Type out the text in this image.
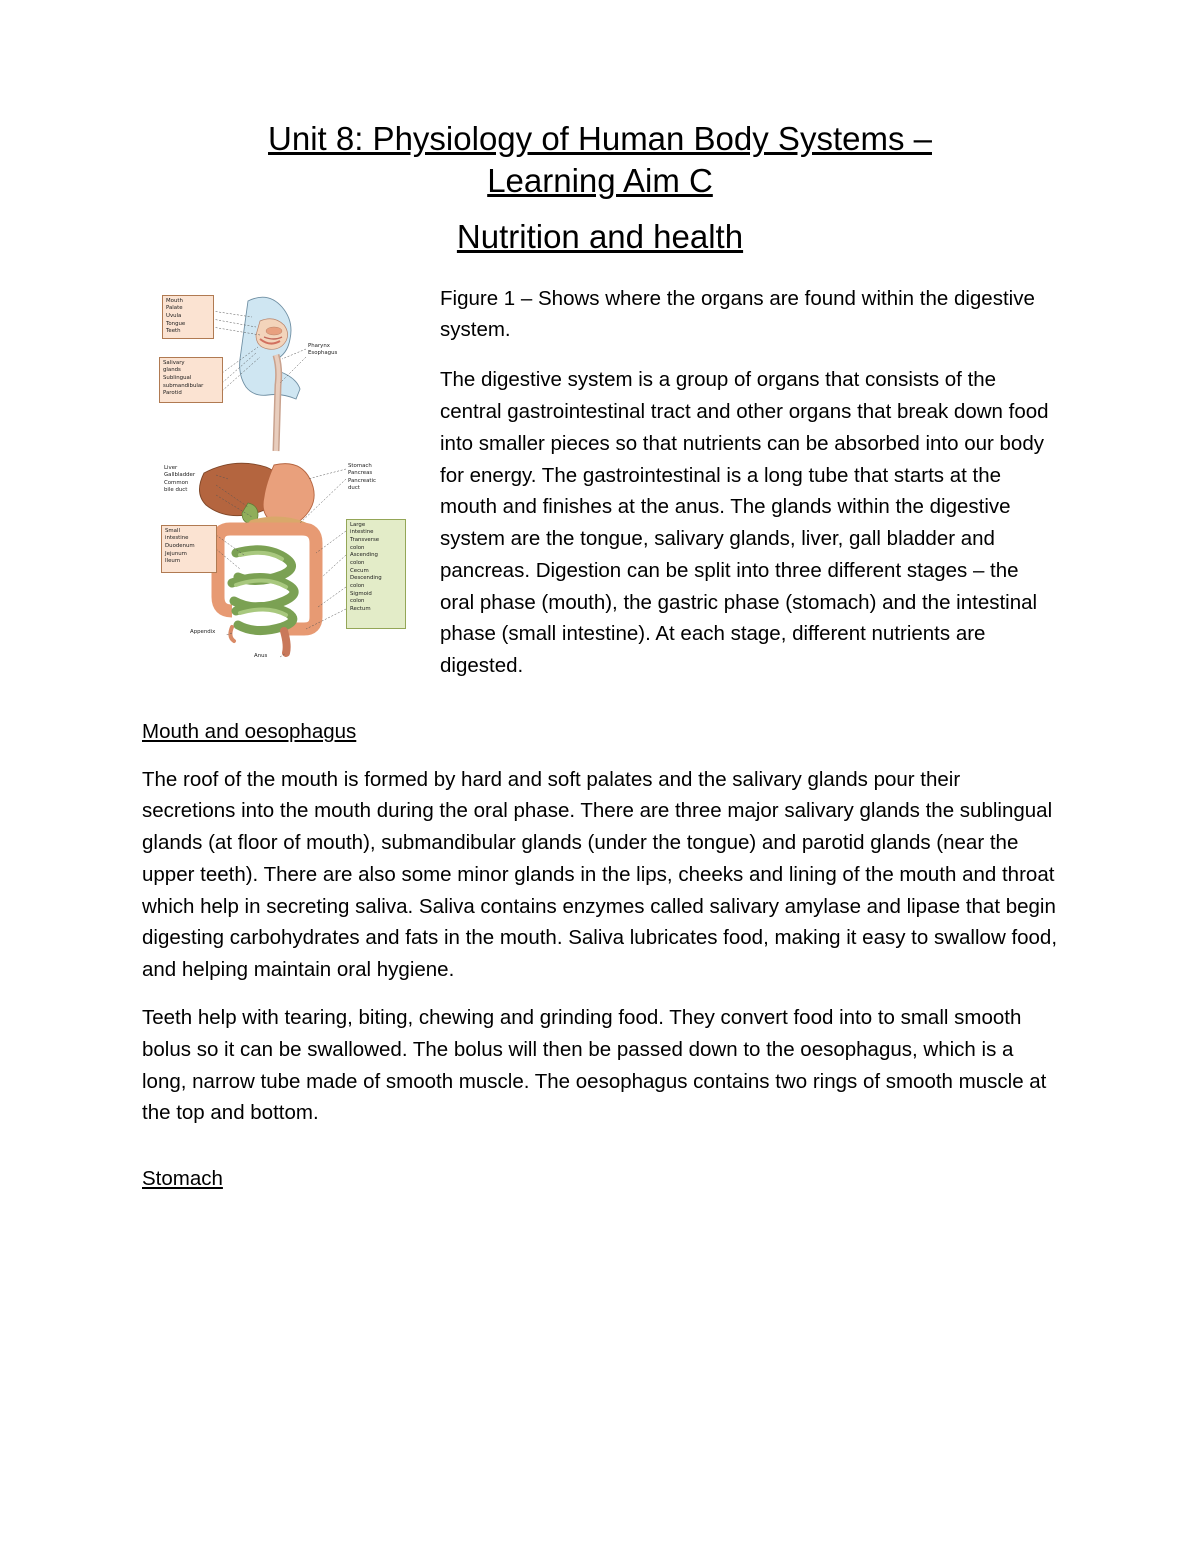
Unit 8: Physiology of Human Body Systems –
Learning Aim C
Nutrition and health
Mouth
Palate
Uvula
Tongue
Teeth
Salivary
glands
Sublingual
submandibular
Parotid
Pharynx
Esophagus
Liver
Gallbladder
Common
bile duct
Stomach
Pancreas
Pancreatic
duct
Small
intestine
Duodenum
Jejunum
Ileum
Large
intestine
Transverse
colon
Ascending
colon
Cecum
Descending
colon
Sigmoid
colon
Rectum
Appendix
Anus

Figure 1 – Shows where the organs are found within the digestive system.

The digestive system is a group of organs that consists of the central gastrointestinal tract and other organs that break down food into smaller pieces so that nutrients can be absorbed into our body for energy. The gastrointestinal is a long tube that starts at the mouth and finishes at the anus. The glands within the digestive system are the tongue, salivary glands, liver, gall bladder and pancreas. Digestion can be split into three different stages – the oral phase (mouth), the gastric phase (stomach) and the intestinal phase (small intestine). At each stage, different nutrients are digested.

Mouth and oesophagus

The roof of the mouth is formed by hard and soft palates and the salivary glands pour their secretions into the mouth during the oral phase. There are three major salivary glands the sublingual glands (at floor of mouth), submandibular glands (under the tongue) and parotid glands (near the upper teeth). There are also some minor glands in the lips, cheeks and lining of the mouth and throat which help in secreting saliva. Saliva contains enzymes called salivary amylase and lipase that begin digesting carbohydrates and fats in the mouth. Saliva lubricates food, making it easy to swallow food, and helping maintain oral hygiene.

Teeth help with tearing, biting, chewing and grinding food. They convert food into to small smooth bolus so it can be swallowed. The bolus will then be passed down to the oesophagus, which is a long, narrow tube made of smooth muscle. The oesophagus contains two rings of smooth muscle at the top and bottom.

Stomach
